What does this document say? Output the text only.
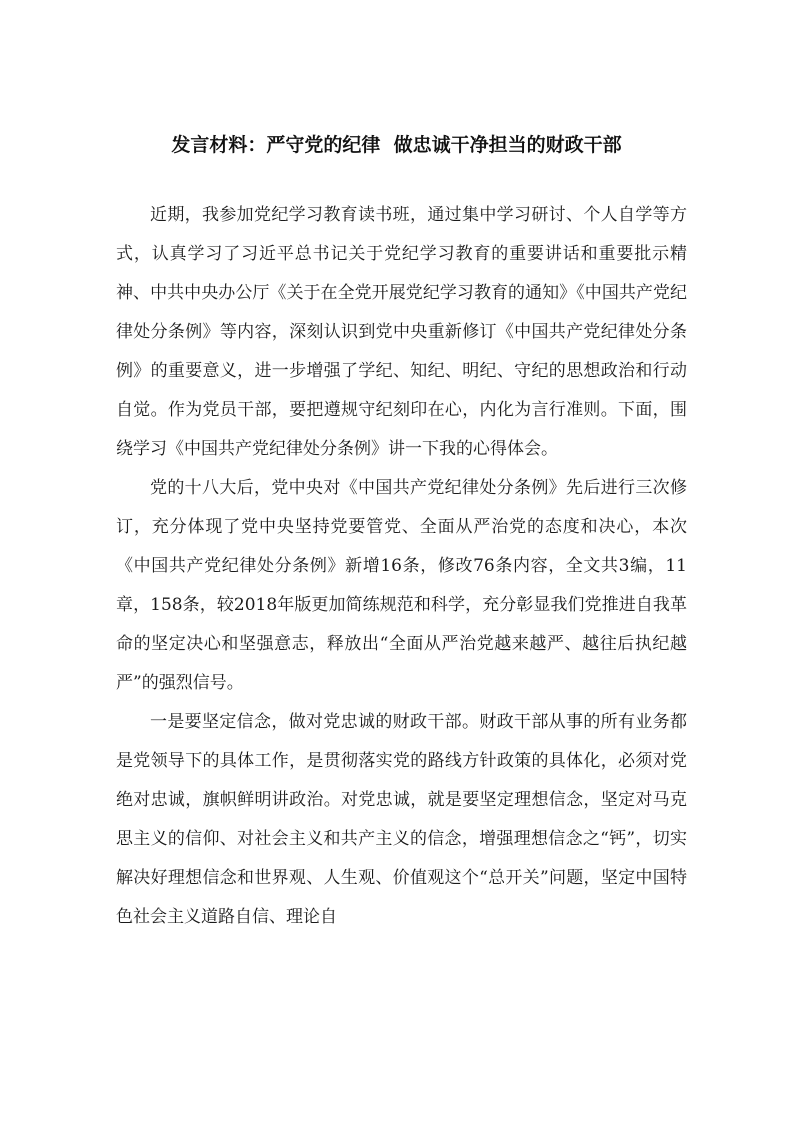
发言材料：严守党的纪律  做忠诚干净担当的财政干部

近期，我参加党纪学习教育读书班，通过集中学习研讨、个人自学等方式，认真学习了习近平总书记关于党纪学习教育的重要讲话和重要批示精神、中共中央办公厅《关于在全党开展党纪学习教育的通知》《中国共产党纪律处分条例》等内容，深刻认识到党中央重新修订《中国共产党纪律处分条例》的重要意义，进一步增强了学纪、知纪、明纪、守纪的思想政治和行动自觉。作为党员干部，要把遵规守纪刻印在心，内化为言行准则。下面，围绕学习《中国共产党纪律处分条例》讲一下我的心得体会。

党的十八大后，党中央对《中国共产党纪律处分条例》先后进行三次修订，充分体现了党中央坚持党要管党、全面从严治党的态度和决心，本次《中国共产党纪律处分条例》新增16条，修改76条内容，全文共3编，11章，158条，较2018年版更加简练规范和科学，充分彰显我们党推进自我革命的坚定决心和坚强意志，释放出“全面从严治党越来越严、越往后执纪越严”的强烈信号。

一是要坚定信念，做对党忠诚的财政干部。财政干部从事的所有业务都是党领导下的具体工作，是贯彻落实党的路线方针政策的具体化，必须对党绝对忠诚，旗帜鲜明讲政治。对党忠诚，就是要坚定理想信念，坚定对马克思主义的信仰、对社会主义和共产主义的信念，增强理想信念之“钙”，切实解决好理想信念和世界观、人生观、价值观这个“总开关”问题，坚定中国特色社会主义道路自信、理论自
